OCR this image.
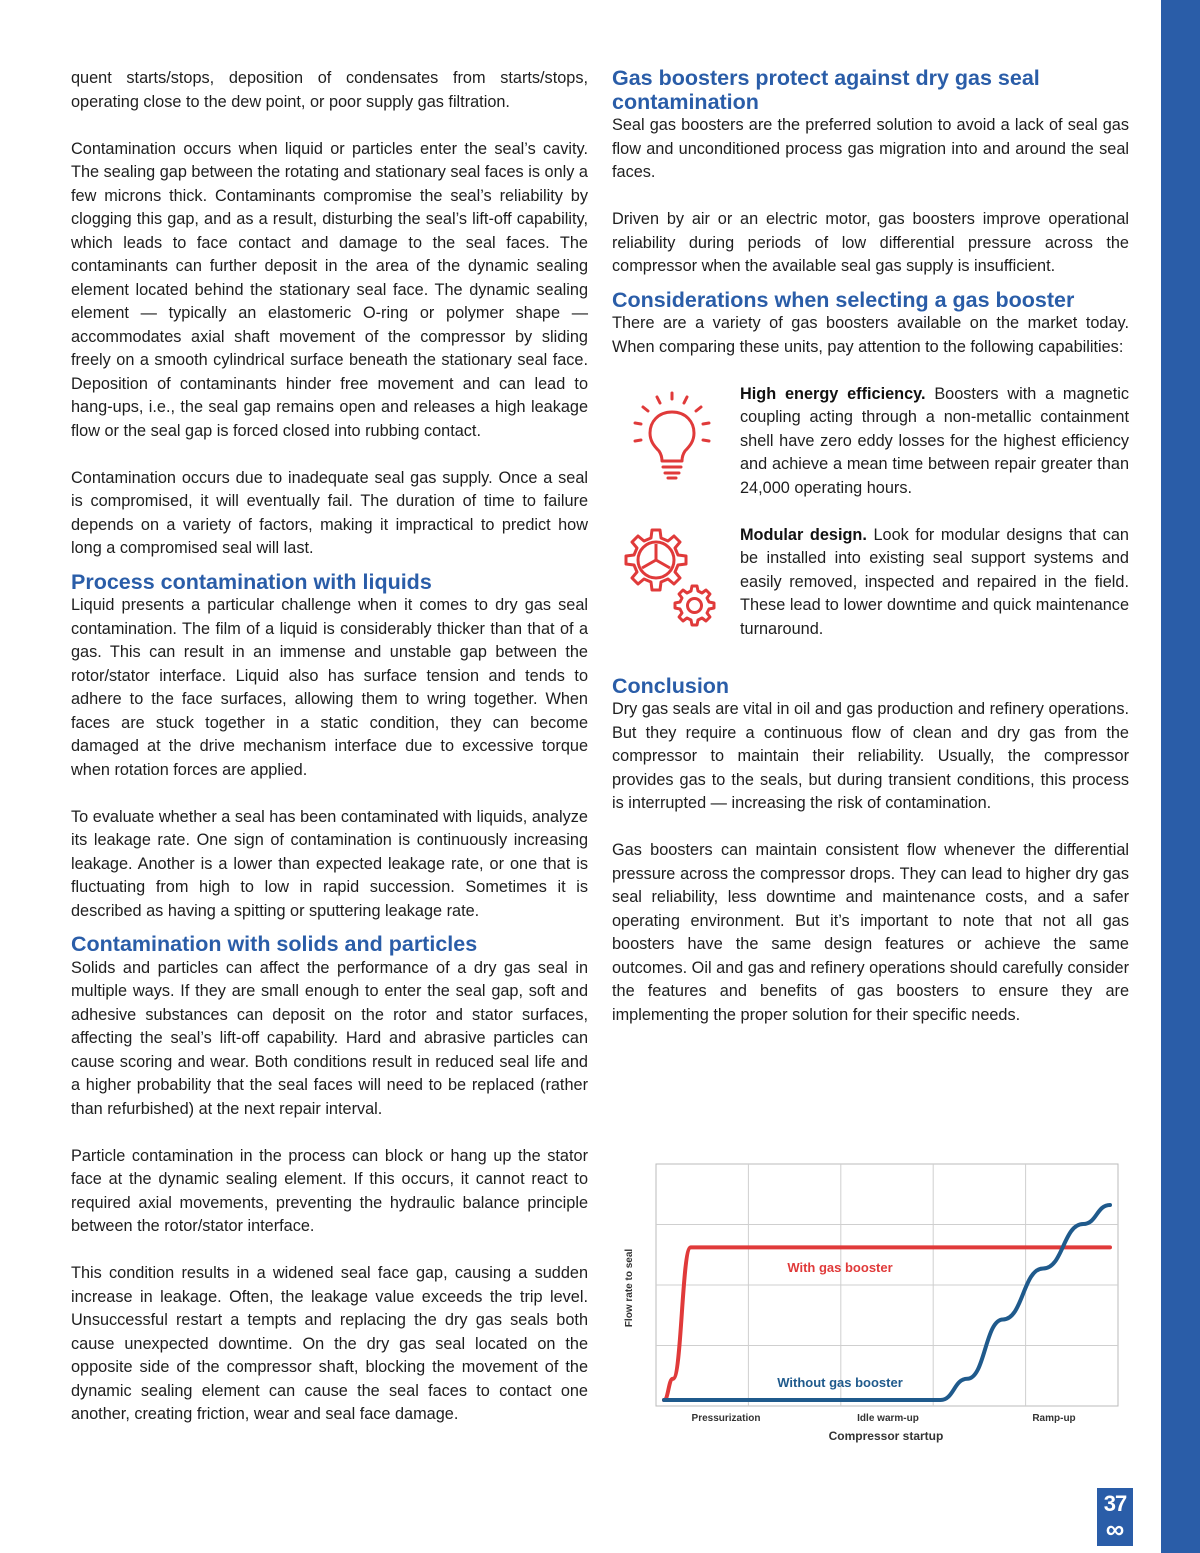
quent starts/stops, deposition of condensates from starts/stops, operating close to the dew point, or poor supply gas filtration.

Contamination occurs when liquid or particles enter the seal’s cavity. The sealing gap between the rotating and stationary seal faces is only a few microns thick. Contaminants compromise the seal’s reliability by clogging this gap, and as a result, disturbing the seal’s lift-off capability, which leads to face contact and damage to the seal faces. The contaminants can further deposit in the area of the dynamic sealing element located behind the stationary seal face. The dynamic sealing element — typically an elastomeric O-ring or polymer shape — accommodates axial shaft movement of the compressor by sliding freely on a smooth cylindrical surface beneath the stationary seal face. Deposition of contaminants hinder free movement and can lead to hang-ups, i.e., the seal gap remains open and releases a high leakage flow or the seal gap is forced closed into rubbing contact.

Contamination occurs due to inadequate seal gas supply. Once a seal is compromised, it will eventually fail. The duration of time to failure depends on a variety of factors, making it impractical to predict how long a compromised seal will last.

Process contamination with liquids

Liquid presents a particular challenge when it comes to dry gas seal contamination. The film of a liquid is considerably thicker than that of a gas. This can result in an immense and unstable gap between the rotor/stator interface. Liquid also has surface tension and tends to adhere to the face surfaces, allowing them to wring together. When faces are stuck together in a static condition, they can become damaged at the drive mechanism interface due to excessive torque when rotation forces are applied.

To evaluate whether a seal has been contaminated with liquids, analyze its leakage rate. One sign of contamination is continuously increasing leakage. Another is a lower than expected leakage rate, or one that is fluctuating from high to low in rapid succession. Sometimes it is described as having a spitting or sputtering leakage rate.

Contamination with solids and particles

Solids and particles can affect the performance of a dry gas seal in multiple ways. If they are small enough to enter the seal gap, soft and adhesive substances can deposit on the rotor and stator surfaces, affecting the seal’s lift-off capability. Hard and abrasive particles can cause scoring and wear. Both conditions result in reduced seal life and a higher probability that the seal faces will need to be replaced (rather than refurbished) at the next repair interval.

Particle contamination in the process can block or hang up the stator face at the dynamic sealing element. If this occurs, it cannot react to required axial movements, preventing the hydraulic balance principle between the rotor/stator interface.

This condition results in a widened seal face gap, causing a sudden increase in leakage. Often, the leakage value exceeds the trip level. Unsuccessful restart a tempts and replacing the dry gas seals both cause unexpected downtime. On the dry gas seal located on the opposite side of the compressor shaft, blocking the movement of the dynamic sealing element can cause the seal faces to contact one another, creating friction, wear and seal face damage.

Gas boosters protect against dry gas seal contamination

Seal gas boosters are the preferred solution to avoid a lack of seal gas flow and unconditioned process gas migration into and around the seal faces.

Driven by air or an electric motor, gas boosters improve operational reliability during periods of low differential pressure across the compressor when the available seal gas supply is insufficient.

Considerations when selecting a gas booster

There are a variety of gas boosters available on the market today. When comparing these units, pay attention to the following capabilities:

High energy efficiency. Boosters with a magnetic coupling acting through a non-metallic containment shell have zero eddy losses for the highest efficiency and achieve a mean time between repair greater than 24,000 operating hours.

Modular design. Look for modular designs that can be installed into existing seal support systems and easily removed, inspected and repaired in the field. These lead to lower downtime and quick maintenance turnaround.

Conclusion

Dry gas seals are vital in oil and gas production and refinery operations. But they require a continuous flow of clean and dry gas from the compressor to maintain their reliability. Usually, the compressor provides gas to the seals, but during transient conditions, this process is interrupted — increasing the risk of contamination.

Gas boosters can maintain consistent flow whenever the differential pressure across the compressor drops. They can lead to higher dry gas seal reliability, less downtime and maintenance costs, and a safer operating environment. But it’s important to note that not all gas boosters have the same design features or achieve the same outcomes. Oil and gas and refinery operations should carefully consider the features and benefits of gas boosters to ensure they are implementing the proper solution for their specific needs.

Flow rate to seal
Pressurization	Idle warm-up	Ramp-up
Compressor startup
With gas booster
Without gas booster
37
∞
